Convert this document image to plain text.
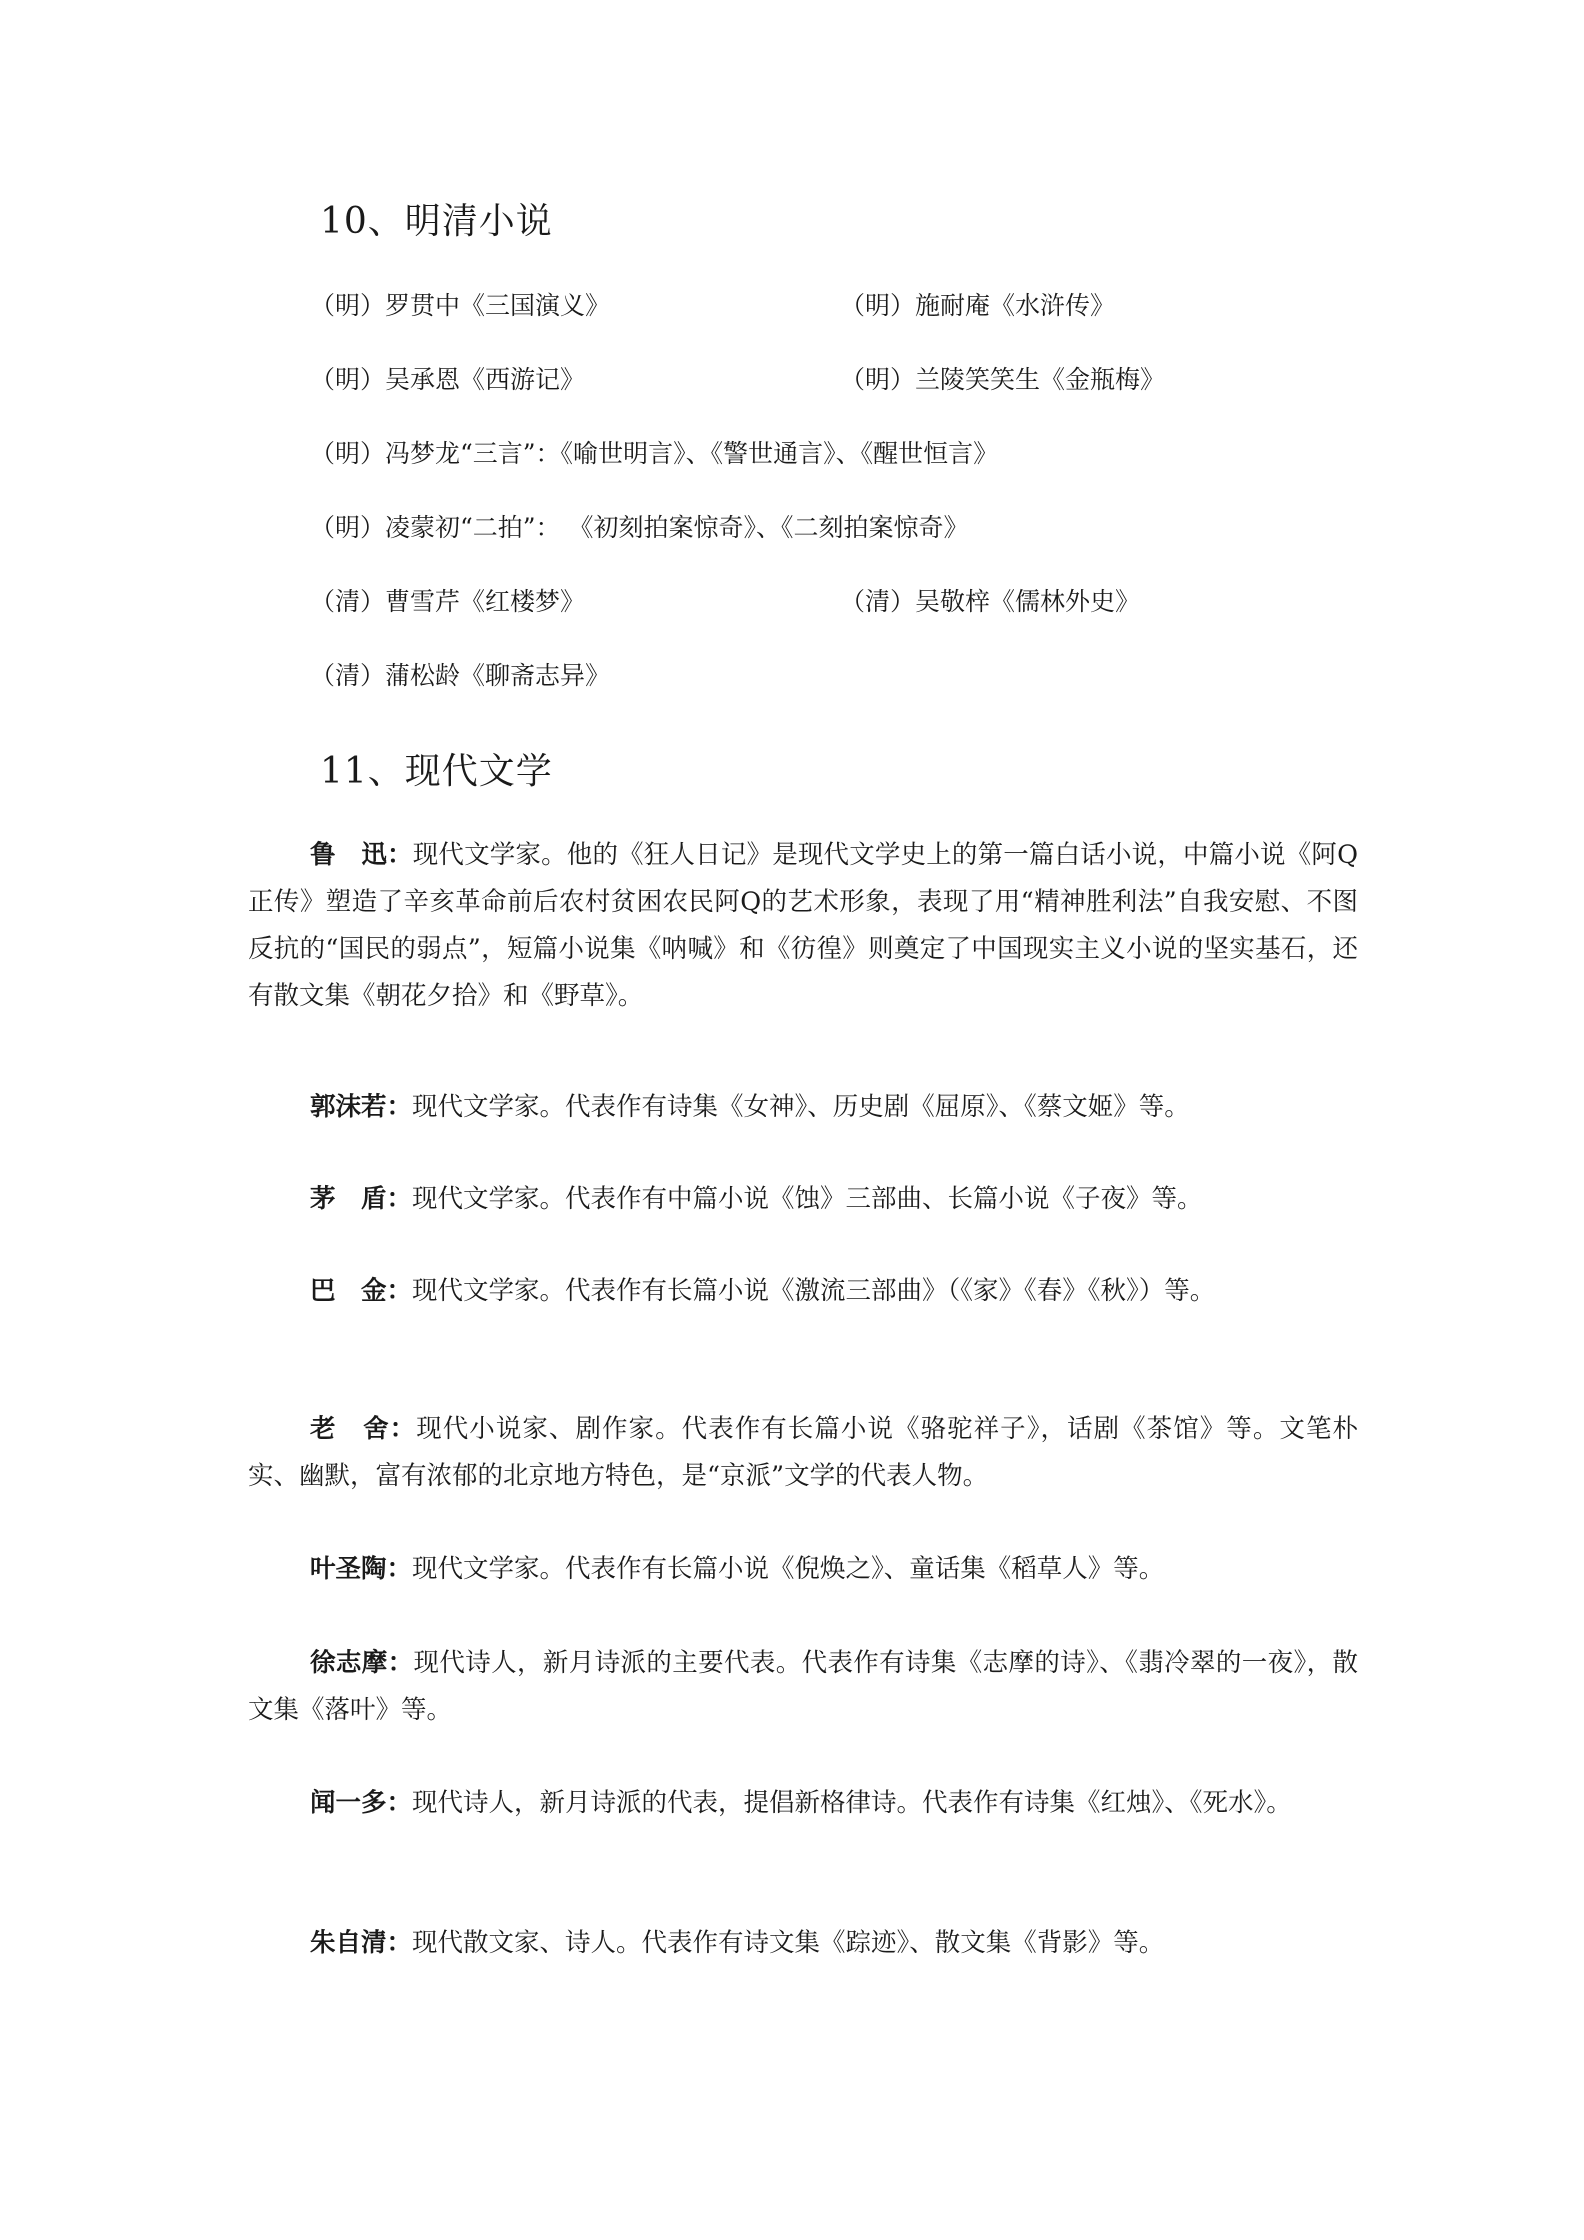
10、明清小说
（明）罗贯中《三国演义》	（明）施耐庵《水浒传》
（明）吴承恩《西游记》	（明）兰陵笑笑生《金瓶梅》
（明）冯梦龙“三言”：《喻世明言》、《警世通言》、《醒世恒言》
（明）凌蒙初“二拍”： 《初刻拍案惊奇》、《二刻拍案惊奇》
（清）曹雪芹《红楼梦》	（清）吴敬梓《儒林外史》
（清）蒲松龄《聊斋志异》
11、现代文学

鲁　迅：现代文学家。他的《狂人日记》是现代文学史上的第一篇白话小说，中篇小说《阿Q正传》塑造了辛亥革命前后农村贫困农民阿Q的艺术形象，表现了用“精神胜利法”自我安慰、不图反抗的“国民的弱点”，短篇小说集《呐喊》和《彷徨》则奠定了中国现实主义小说的坚实基石，还有散文集《朝花夕拾》和《野草》。

郭沫若：现代文学家。代表作有诗集《女神》、历史剧《屈原》、《蔡文姬》等。

茅　盾：现代文学家。代表作有中篇小说《蚀》三部曲、长篇小说《子夜》等。

巴　金：现代文学家。代表作有长篇小说《激流三部曲》（《家》《春》《秋》）等。

老　舍：现代小说家、剧作家。代表作有长篇小说《骆驼祥子》，话剧《茶馆》等。文笔朴实、幽默，富有浓郁的北京地方特色，是“京派”文学的代表人物。

叶圣陶：现代文学家。代表作有长篇小说《倪焕之》、童话集《稻草人》等。

徐志摩：现代诗人，新月诗派的主要代表。代表作有诗集《志摩的诗》、《翡冷翠的一夜》，散文集《落叶》等。

闻一多：现代诗人，新月诗派的代表，提倡新格律诗。代表作有诗集《红烛》、《死水》。

朱自清：现代散文家、诗人。代表作有诗文集《踪迹》、散文集《背影》等。
